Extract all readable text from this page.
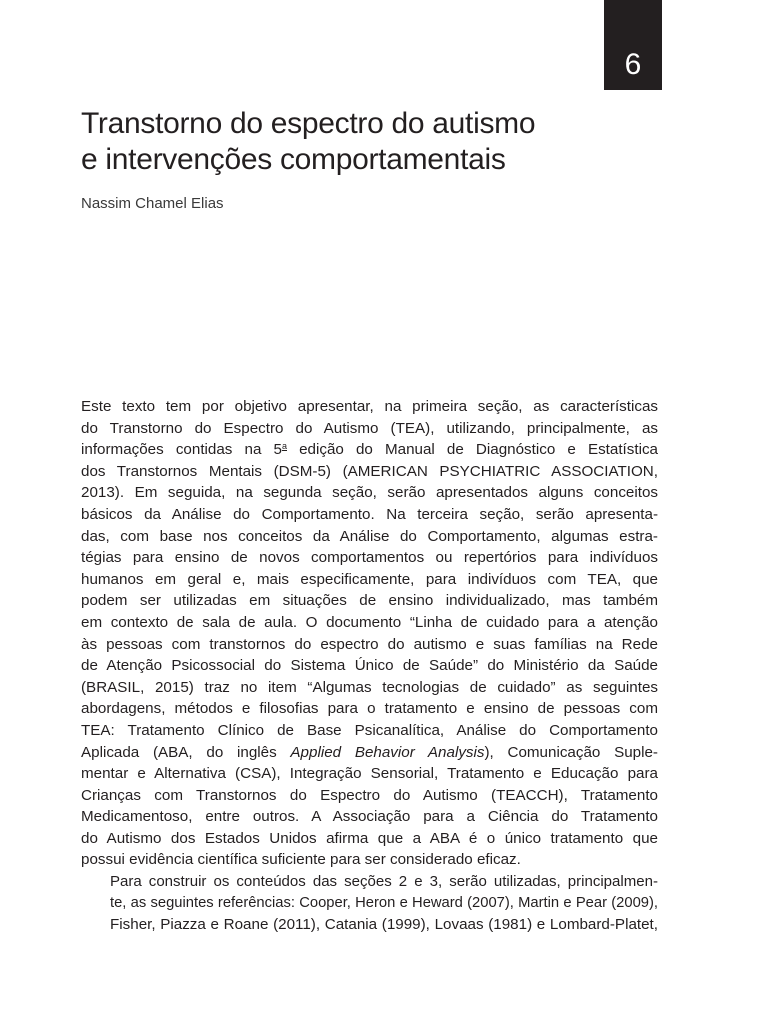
6
Transtorno do espectro do autismo
e intervenções comportamentais
Nassim Chamel Elias
Este texto tem por objetivo apresentar, na primeira seção, as características
do Transtorno do Espectro do Autismo (TEA), utilizando, principalmente, as
informações contidas na 5$^a$ edição do Manual de Diagnóstico e Estatística
dos Transtornos Mentais (DSM-5) (AMERICAN PSYCHIATRIC ASSOCIATION,
2013). Em seguida, na segunda seção, serão apresentados alguns conceitos
básicos da Análise do Comportamento. Na terceira seção, serão apresenta-
das, com base nos conceitos da Análise do Comportamento, algumas estra-
tégias para ensino de novos comportamentos ou repertórios para indivíduos
humanos em geral e, mais especificamente, para indivíduos com TEA, que
podem ser utilizadas em situações de ensino individualizado, mas também
em contexto de sala de aula. O documento “Linha de cuidado para a atenção
às pessoas com transtornos do espectro do autismo e suas famílias na Rede
de Atenção Psicossocial do Sistema Único de Saúde” do Ministério da Saúde
(BRASIL, 2015) traz no item “Algumas tecnologias de cuidado” as seguintes
abordagens, métodos e filosofias para o tratamento e ensino de pessoas com
TEA: Tratamento Clínico de Base Psicanalítica, Análise do Comportamento
Aplicada (ABA, do inglês Applied Behavior Analysis), Comunicação Suple-
mentar e Alternativa (CSA), Integração Sensorial, Tratamento e Educação para
Crianças com Transtornos do Espectro do Autismo (TEACCH), Tratamento
Medicamentoso, entre outros. A Associação para a Ciência do Tratamento
do Autismo dos Estados Unidos afirma que a ABA é o único tratamento que
possui evidência científica suficiente para ser considerado eficaz.
Para construir os conteúdos das seções 2 e 3, serão utilizadas, principalmen-
te, as seguintes referências: Cooper, Heron e Heward (2007), Martin e Pear (2009),
Fisher, Piazza e Roane (2011), Catania (1999), Lovaas (1981) e Lombard-Platet,
